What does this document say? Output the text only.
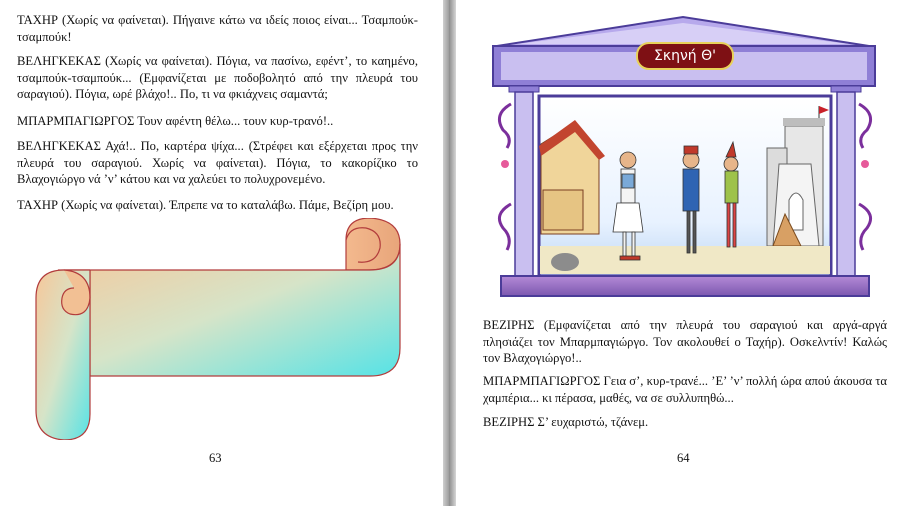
ΤΑΧΗΡ (Χωρίς να φαίνεται). Πήγαινε κάτω να ιδείς ποιος είναι... Τσαμπούκ-τσαμπούκ!

ΒΕΛΗΓΚΕΚΑΣ (Χωρίς να φαίνεται). Πόγια, να πασίνω, εφέντ’, το καημένο, τσαμπούκ-τσαμπούκ... (Εμφανίζεται με ποδοβολητό από την πλευρά του σαραγιού). Πόγια, ωρέ βλάχο!.. Πο, τι να φκιάχνεις σαμαντά;

ΜΠΑΡΜΠΑΓΙΩΡΓΟΣ Τουν αφέντη θέλω... τουν κυρ-τρανό!..

ΒΕΛΗΓΚΕΚΑΣ Αχά!.. Πο, καρτέρα ψίχα... (Στρέφει και εξέρχεται προς την πλευρά του σαραγιού. Χωρίς να φαίνεται). Πόγια, το κακορίζικο το Βλαχογιώργο νά ’ν’ κάτου και να χαλεύει το πολυχρονεμένο.

ΤΑΧΗΡ (Χωρίς να φαίνεται). Έπρεπε να το καταλάβω. Πάμε, Βεζίρη μου.

63
Σκηνή Θ'

ΒΕΖΙΡΗΣ (Εμφανίζεται από την πλευρά του σαραγιού και αργά-αργά πλησιάζει τον Μπαρμπαγιώργο. Τον ακολουθεί ο Ταχήρ). Οσκελντίν! Καλώς τον Βλαχογιώργο!..

ΜΠΑΡΜΠΑΓΙΩΡΓΟΣ Γεια σ’, κυρ-τρανέ... ’Ε’ ’ν’ πολλή ώρα απού άκουσα τα χαμπέρια... κι πέρασα, μαθές, να σε συλλυπηθώ...

ΒΕΖΙΡΗΣ Σ’ ευχαριστώ, τζάνεμ.

64
